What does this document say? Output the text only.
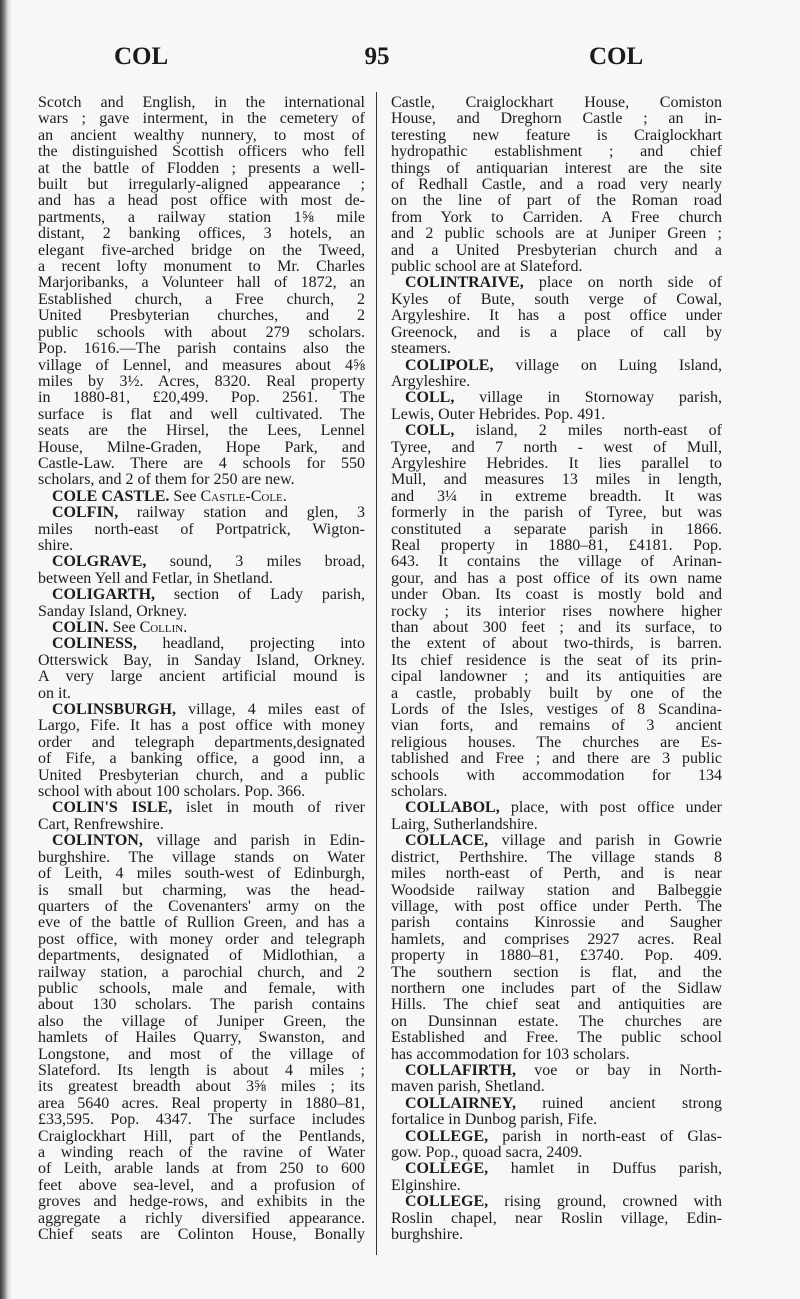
COL	95	COL
Scotch and English, in the international
wars ; gave interment, in the cemetery of
an ancient wealthy nunnery, to most of
the distinguished Scottish officers who fell
at the battle of Flodden ; presents a well-
built but irregularly-aligned appearance ;
and has a head post office with most de-
partments, a railway station 1⅝ mile
distant, 2 banking offices, 3 hotels, an
elegant five-arched bridge on the Tweed,
a recent lofty monument to Mr. Charles
Marjoribanks, a Volunteer hall of 1872, an
Established church, a Free church, 2
United Presbyterian churches, and 2
public schools with about 279 scholars.
Pop. 1616.—The parish contains also the
village of Lennel, and measures about 4⅝
miles by 3½. Acres, 8320. Real property
in 1880-81, £20,499. Pop. 2561. The
surface is flat and well cultivated. The
seats are the Hirsel, the Lees, Lennel
House, Milne-Graden, Hope Park, and
Castle-Law. There are 4 schools for 550
scholars, and 2 of them for 250 are new.
COLE CASTLE. See Castle-Cole.
COLFIN, railway station and glen, 3
miles north-east of Portpatrick, Wigton-
shire.
COLGRAVE, sound, 3 miles broad,
between Yell and Fetlar, in Shetland.
COLIGARTH, section of Lady parish,
Sanday Island, Orkney.
COLIN. See Collin.
COLINESS, headland, projecting into
Otterswick Bay, in Sanday Island, Orkney.
A very large ancient artificial mound is
on it.
COLINSBURGH, village, 4 miles east of
Largo, Fife. It has a post office with money
order and telegraph departments,designated
of Fife, a banking office, a good inn, a
United Presbyterian church, and a public
school with about 100 scholars. Pop. 366.
COLIN'S ISLE, islet in mouth of river
Cart, Renfrewshire.
COLINTON, village and parish in Edin-
burghshire. The village stands on Water
of Leith, 4 miles south-west of Edinburgh,
is small but charming, was the head-
quarters of the Covenanters' army on the
eve of the battle of Rullion Green, and has a
post office, with money order and telegraph
departments, designated of Midlothian, a
railway station, a parochial church, and 2
public schools, male and female, with
about 130 scholars. The parish contains
also the village of Juniper Green, the
hamlets of Hailes Quarry, Swanston, and
Longstone, and most of the village of
Slateford. Its length is about 4 miles ;
its greatest breadth about 3⅝ miles ; its
area 5640 acres. Real property in 1880–81,
£33,595. Pop. 4347. The surface includes
Craiglockhart Hill, part of the Pentlands,
a winding reach of the ravine of Water
of Leith, arable lands at from 250 to 600
feet above sea-level, and a profusion of
groves and hedge-rows, and exhibits in the
aggregate a richly diversified appearance.
Chief seats are Colinton House, Bonally
Castle, Craiglockhart House, Comiston
House, and Dreghorn Castle ; an in-
teresting new feature is Craiglockhart
hydropathic establishment ; and chief
things of antiquarian interest are the site
of Redhall Castle, and a road very nearly
on the line of part of the Roman road
from York to Carriden. A Free church
and 2 public schools are at Juniper Green ;
and a United Presbyterian church and a
public school are at Slateford.
COLINTRAIVE, place on north side of
Kyles of Bute, south verge of Cowal,
Argyleshire. It has a post office under
Greenock, and is a place of call by
steamers.
COLIPOLE, village on Luing Island,
Argyleshire.
COLL, village in Stornoway parish,
Lewis, Outer Hebrides. Pop. 491.
COLL, island, 2 miles north-east of
Tyree, and 7 north - west of Mull,
Argyleshire Hebrides. It lies parallel to
Mull, and measures 13 miles in length,
and 3¼ in extreme breadth. It was
formerly in the parish of Tyree, but was
constituted a separate parish in 1866.
Real property in 1880–81, £4181. Pop.
643. It contains the village of Arinan-
gour, and has a post office of its own name
under Oban. Its coast is mostly bold and
rocky ; its interior rises nowhere higher
than about 300 feet ; and its surface, to
the extent of about two-thirds, is barren.
Its chief residence is the seat of its prin-
cipal landowner ; and its antiquities are
a castle, probably built by one of the
Lords of the Isles, vestiges of 8 Scandina-
vian forts, and remains of 3 ancient
religious houses. The churches are Es-
tablished and Free ; and there are 3 public
schools with accommodation for 134
scholars.
COLLABOL, place, with post office under
Lairg, Sutherlandshire.
COLLACE, village and parish in Gowrie
district, Perthshire. The village stands 8
miles north-east of Perth, and is near
Woodside railway station and Balbeggie
village, with post office under Perth. The
parish contains Kinrossie and Saugher
hamlets, and comprises 2927 acres. Real
property in 1880–81, £3740. Pop. 409.
The southern section is flat, and the
northern one includes part of the Sidlaw
Hills. The chief seat and antiquities are
on Dunsinnan estate. The churches are
Established and Free. The public school
has accommodation for 103 scholars.
COLLAFIRTH, voe or bay in North-
maven parish, Shetland.
COLLAIRNEY, ruined ancient strong
fortalice in Dunbog parish, Fife.
COLLEGE, parish in north-east of Glas-
gow. Pop., quoad sacra, 2409.
COLLEGE, hamlet in Duffus parish,
Elginshire.
COLLEGE, rising ground, crowned with
Roslin chapel, near Roslin village, Edin-
burghshire.
